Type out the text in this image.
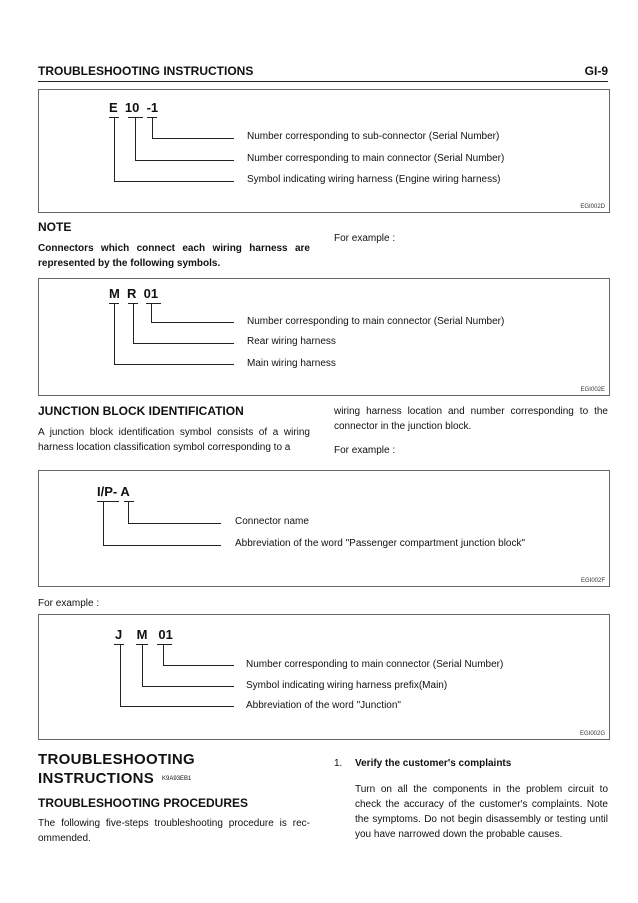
TROUBLESHOOTING INSTRUCTIONS	GI-9
E  10  -1
Number corresponding to sub-connector (Serial Number)
Number corresponding to main connector (Serial Number)
Symbol indicating wiring harness (Engine wiring harness)
EGI002D
NOTE
Connectors which connect each wiring harness are represented by the following symbols.
For example :
M  R  01
Number corresponding to main connector (Serial Number)
Rear wiring harness
Main wiring harness
EGI002E
JUNCTION BLOCK IDENTIFICATION
A junction block identification symbol consists of a wiring harness location classification symbol corresponding to a
wiring harness location and number corresponding to the connector in the junction block.
For example :
I/P- A
Connector name
Abbreviation of the word "Passenger compartment junction block"
EGI002F
For example :
J    M   01
Number corresponding to main connector (Serial Number)
Symbol indicating wiring harness prefix(Main)
Abbreviation of the word "Junction"
EGI002G
TROUBLESHOOTING
INSTRUCTIONS K9A93EB1
TROUBLESHOOTING PROCEDURES
The following five-steps troubleshooting procedure is rec-ommended.
1. Verify the customer's complaints
Turn on all the components in the problem circuit to check the accuracy of the customer's complaints. Note the symptoms. Do not begin disassembly or testing until you have narrowed down the probable causes.
